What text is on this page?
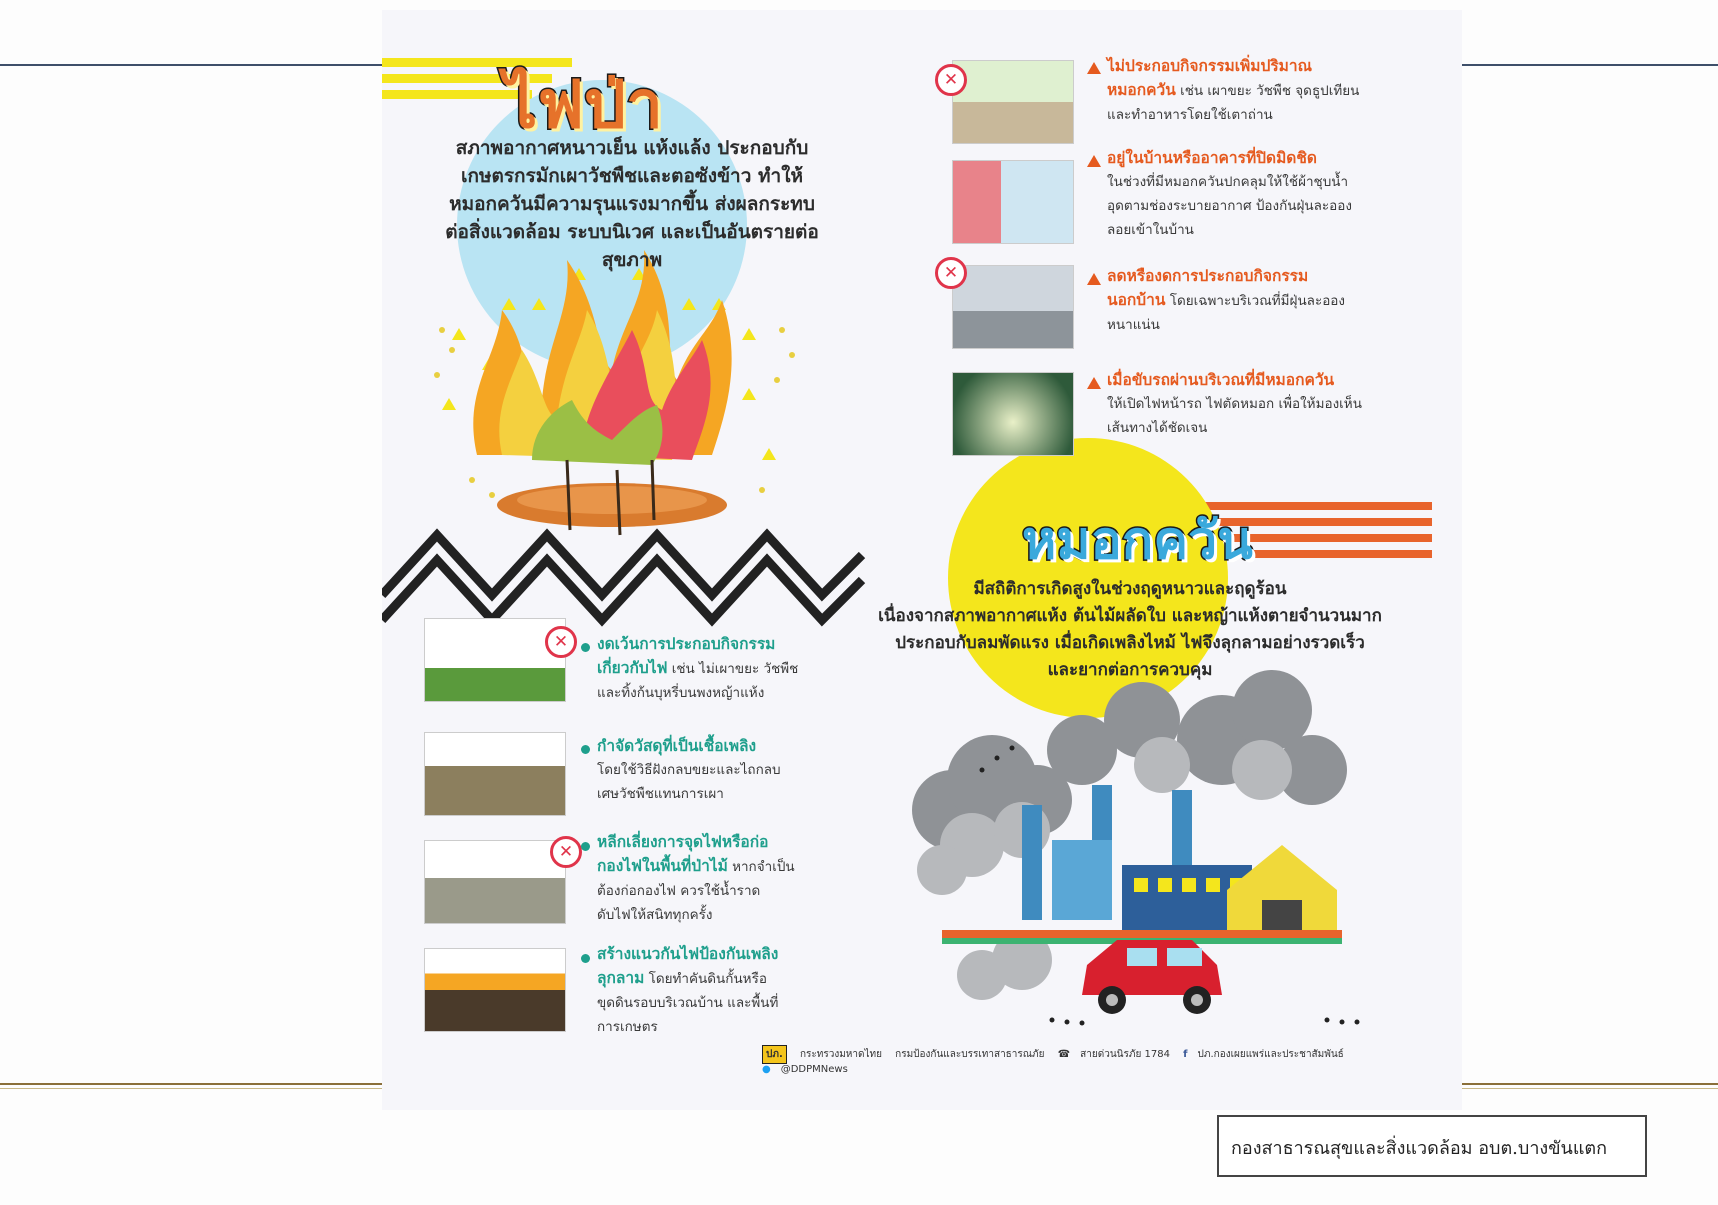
ไฟป่า
สภาพอากาศหนาวเย็น แห้งแล้ง ประกอบกับ
เกษตรกรมักเผาวัชพืชและตอซังข้าว ทำให้
หมอกควันมีความรุนแรงมากขึ้น ส่งผลกระทบ
ต่อสิ่งแวดล้อม ระบบนิเวศ และเป็นอันตรายต่อสุขภาพ
✕	งดเว้นการประกอบกิจกรรม
เกี่ยวกับไฟ เช่น ไม่เผาขยะ วัชพืช
และทิ้งก้นบุหรี่บนพงหญ้าแห้ง
กำจัดวัสดุที่เป็นเชื้อเพลิง
โดยใช้วิธีฝังกลบขยะและไถกลบ
เศษวัชพืชแทนการเผา
✕	หลีกเลี่ยงการจุดไฟหรือก่อ
กองไฟในพื้นที่ป่าไม้ หากจำเป็น
ต้องก่อกองไฟ ควรใช้น้ำราด
ดับไฟให้สนิททุกครั้ง
สร้างแนวกันไฟป้องกันเพลิง
ลุกลาม โดยทำคันดินกั้นหรือ
ขุดดินรอบบริเวณบ้าน และพื้นที่
การเกษตร
✕
ไม่ประกอบกิจกรรมเพิ่มปริมาณ
หมอกควัน เช่น เผาขยะ วัชพืช จุดธูปเทียน
และทำอาหารโดยใช้เตาถ่าน
อยู่ในบ้านหรืออาคารที่ปิดมิดชิด
ในช่วงที่มีหมอกควันปกคลุมให้ใช้ผ้าชุบน้ำ
อุดตามช่องระบายอากาศ ป้องกันฝุ่นละออง
ลอยเข้าในบ้าน
✕	ลดหรืองดการประกอบกิจกรรม
นอกบ้าน โดยเฉพาะบริเวณที่มีฝุ่นละออง
หนาแน่น
เมื่อขับรถผ่านบริเวณที่มีหมอกควัน
ให้เปิดไฟหน้ารถ ไฟตัดหมอก เพื่อให้มองเห็น
เส้นทางได้ชัดเจน
หมอกควัน
มีสถิติการเกิดสูงในช่วงฤดูหนาวและฤดูร้อน
เนื่องจากสภาพอากาศแห้ง ต้นไม้ผลัดใบ และหญ้าแห้งตายจำนวนมาก
ประกอบกับลมพัดแรง เมื่อเกิดเพลิงไหม้ ไฟจึงลุกลามอย่างรวดเร็ว
และยากต่อการควบคุม
ปภ. กระทรวงมหาดไทย กรมป้องกันและบรรเทาสาธารณภัย ☎ สายด่วนนิรภัย 1784 f ปภ.กองเผยแพร่และประชาสัมพันธ์ ● @DDPMNews
กองสาธารณสุขและสิ่งแวดล้อม อบต.บางขันแตก
